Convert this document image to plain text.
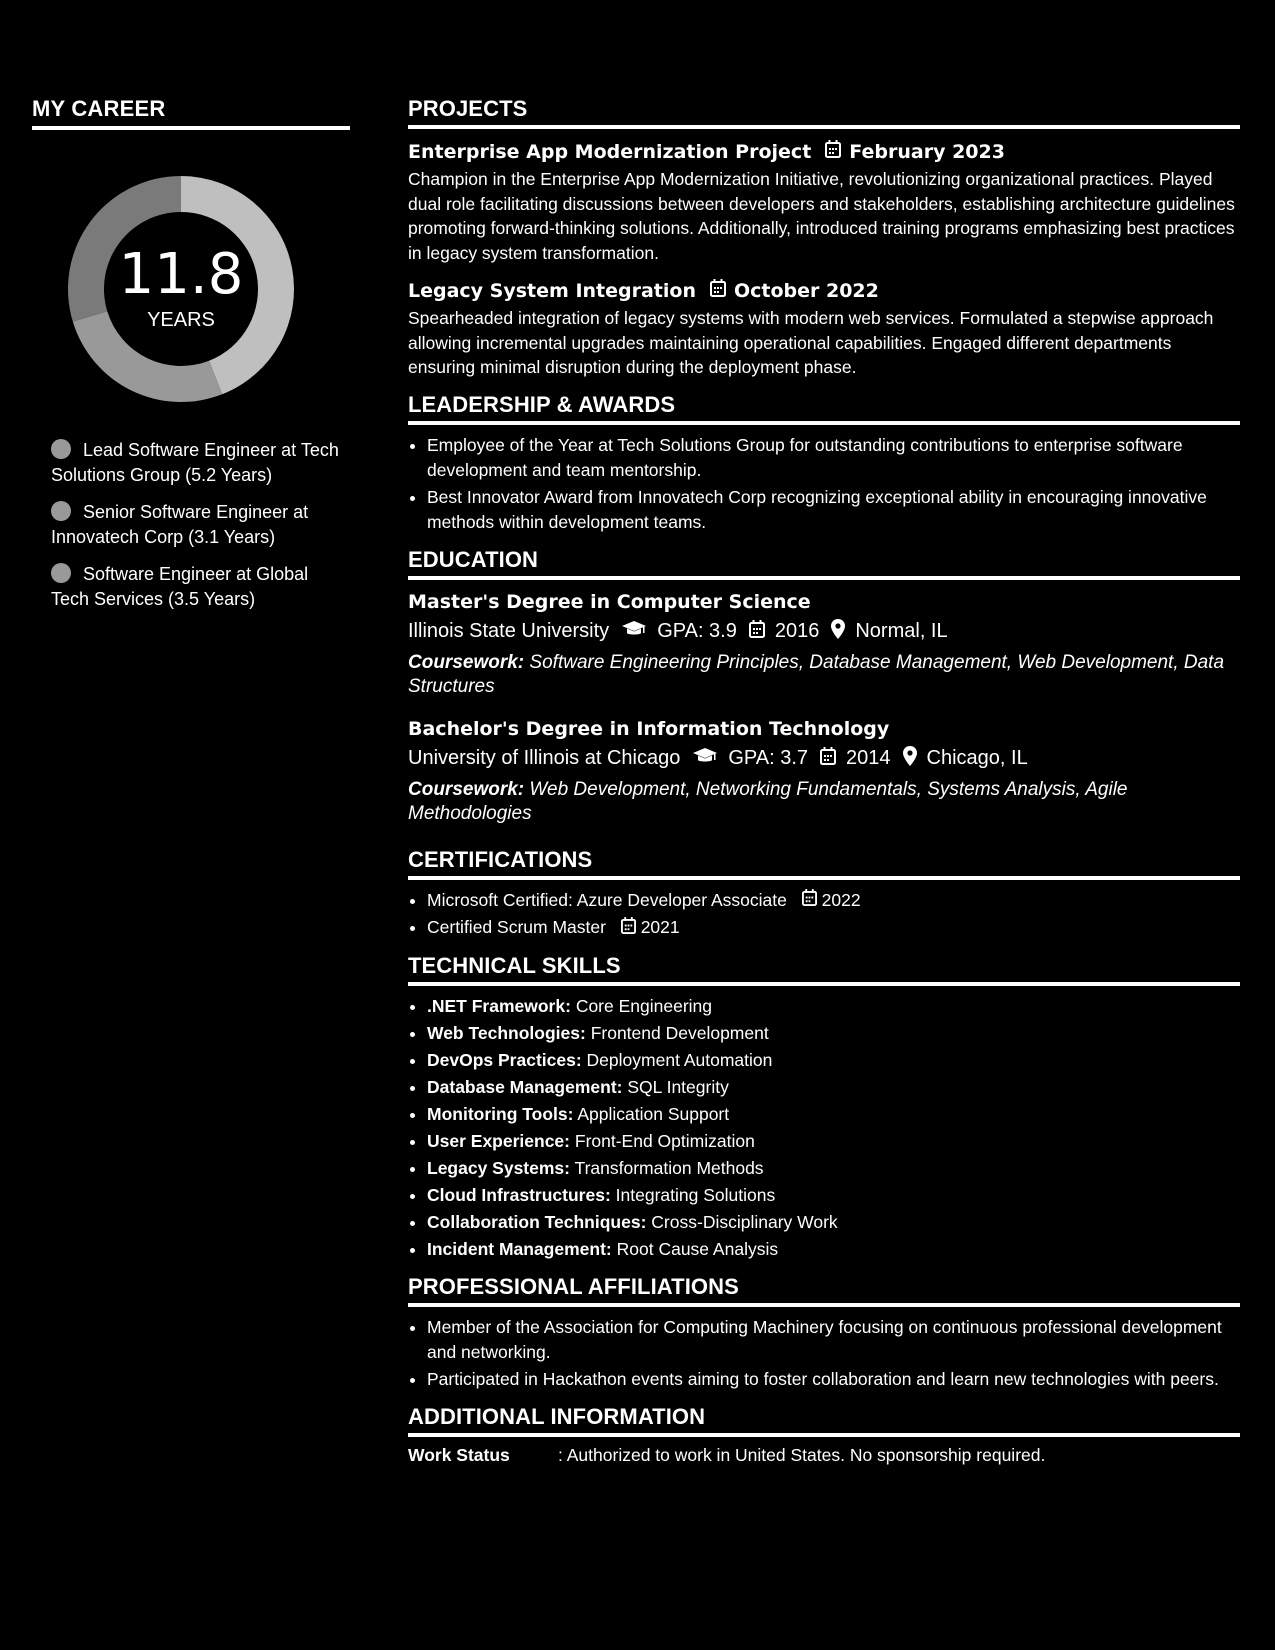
MY CAREER
11.8
YEARS
Lead Software Engineer at Tech Solutions Group (5.2 Years)
Senior Software Engineer at Innovatech Corp (3.1 Years)
Software Engineer at Global Tech Services (3.5 Years)
PROJECTS
Enterprise App Modernization Project February 2023

Champion in the Enterprise App Modernization Initiative, revolutionizing organizational practices. Played dual role facilitating discussions between developers and stakeholders, establishing architecture guidelines promoting forward-thinking solutions. Additionally, introduced training programs emphasizing best practices in legacy system transformation.

Legacy System Integration October 2022

Spearheaded integration of legacy systems with modern web services. Formulated a stepwise approach allowing incremental upgrades maintaining operational capabilities. Engaged different departments ensuring minimal disruption during the deployment phase.

LEADERSHIP & AWARDS
• Employee of the Year at Tech Solutions Group for outstanding contributions to enterprise software development and team mentorship.
• Best Innovator Award from Innovatech Corp recognizing exceptional ability in encouraging innovative methods within development teams.
EDUCATION
Master's Degree in Computer Science
Illinois State University GPA: 3.9 2016 Normal, IL
Coursework: Software Engineering Principles, Database Management, Web Development, Data Structures
Bachelor's Degree in Information Technology
University of Illinois at Chicago GPA: 3.7 2014 Chicago, IL
Coursework: Web Development, Networking Fundamentals, Systems Analysis, Agile Methodologies
CERTIFICATIONS
• Microsoft Certified: Azure Developer Associate 2022
• Certified Scrum Master 2021
TECHNICAL SKILLS
• .NET Framework: Core Engineering
• Web Technologies: Frontend Development
• DevOps Practices: Deployment Automation
• Database Management: SQL Integrity
• Monitoring Tools: Application Support
• User Experience: Front-End Optimization
• Legacy Systems: Transformation Methods
• Cloud Infrastructures: Integrating Solutions
• Collaboration Techniques: Cross-Disciplinary Work
• Incident Management: Root Cause Analysis
PROFESSIONAL AFFILIATIONS
• Member of the Association for Computing Machinery focusing on continuous professional development and networking.
• Participated in Hackathon events aiming to foster collaboration and learn new technologies with peers.
ADDITIONAL INFORMATION
Work Status	: Authorized to work in United States. No sponsorship required.
